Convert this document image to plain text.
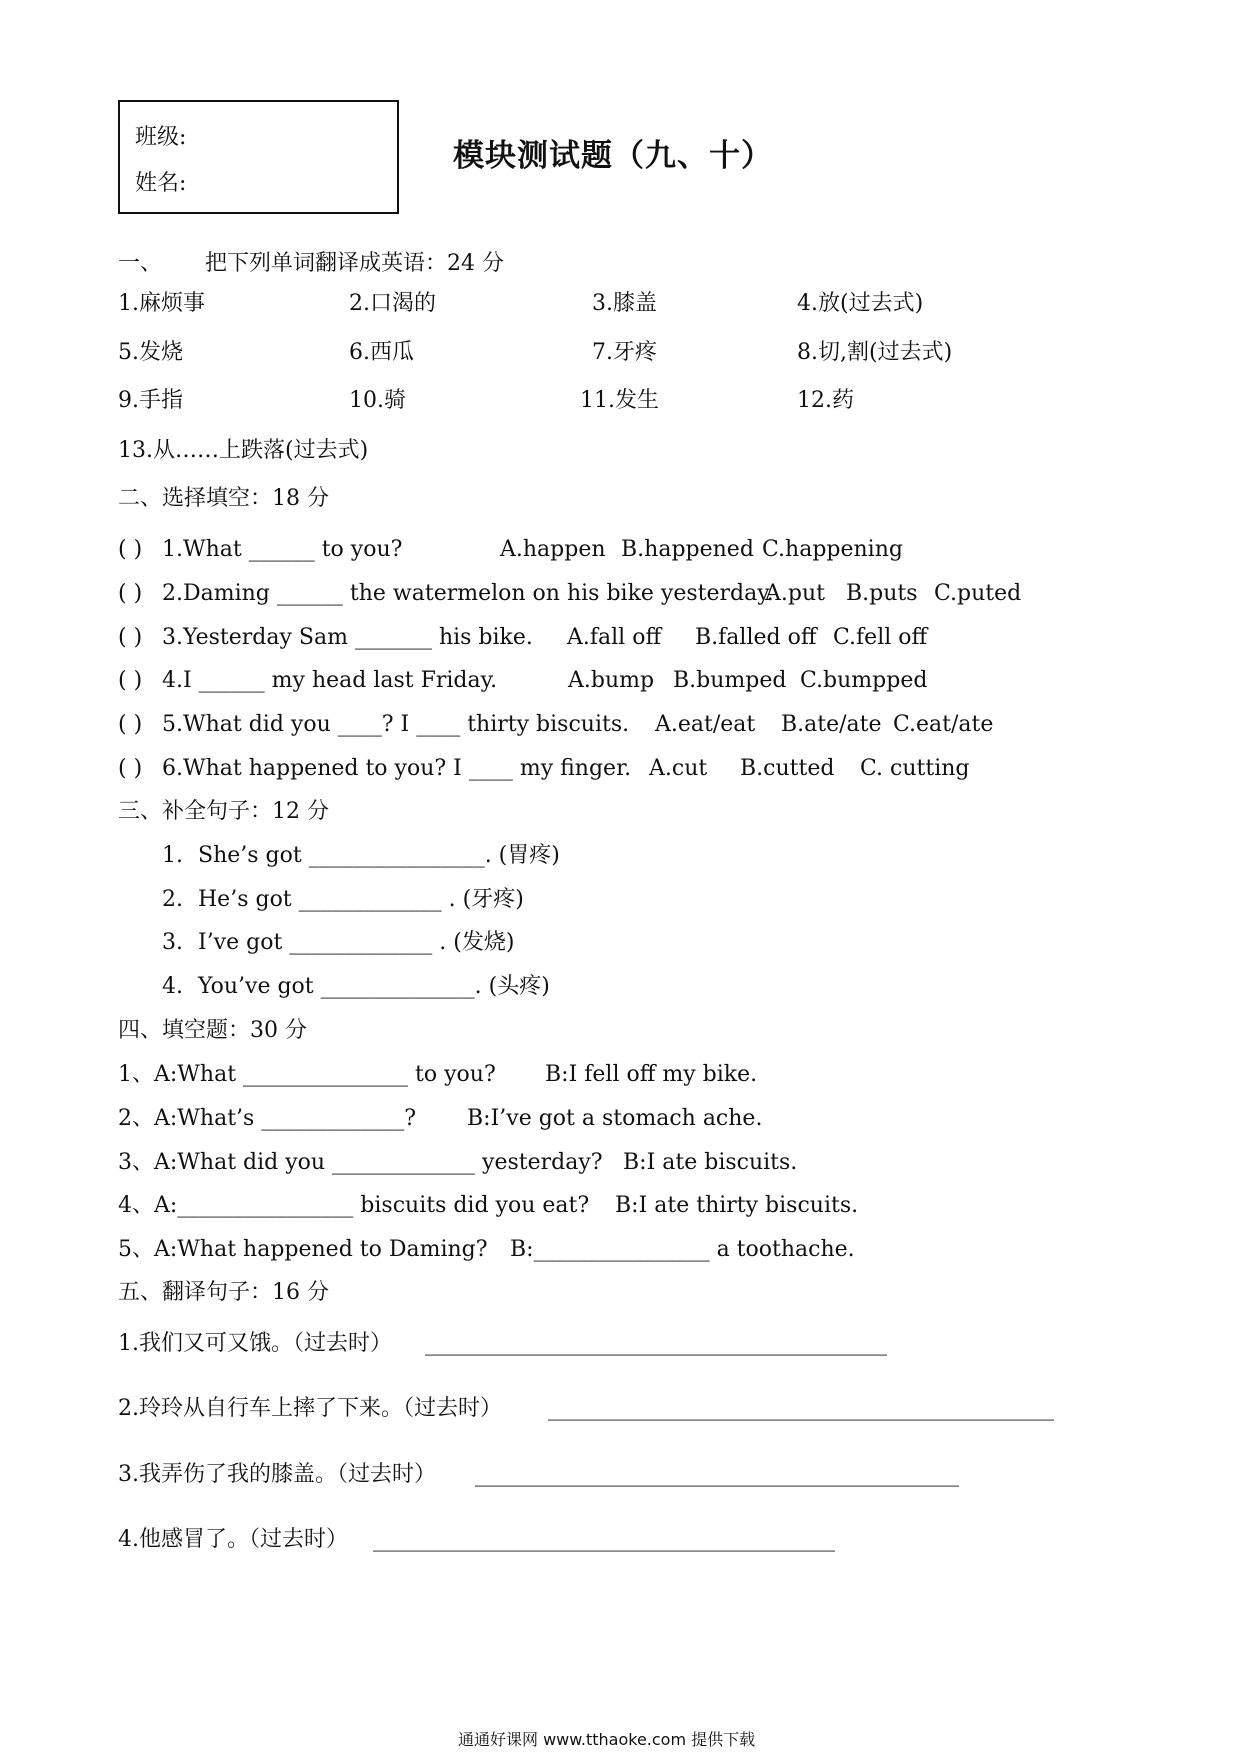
班级:
姓名:
模块测试题（九、十）
一、 把下列单词翻译成英语：24 分
1.麻烦事	2.口渴的	3.膝盖	4.放(过去式)
5.发烧	6.西瓜	7.牙疼	8.切,割(过去式)
9.手指	10.骑	11.发生	12.药
13.从……上跌落(过去式)
二、选择填空：18 分
( ) 1.What ______ to you?	A.happen B.happened C.happening
( ) 2.Daming ______ the watermelon on his bike yesterday.
A.put B.puts C.puted
( ) 3.Yesterday Sam _______ his bike. A.fall off B.falled off C.fell off
( ) 4.I ______ my head last Friday.	A.bump B.bumped C.bumpped
( ) 5.What did you ____? I ____ thirty biscuits. A.eat/eat B.ate/ate C.eat/ate
( ) 6.What happened to you? I ____ my finger. A.cut B.cutted C. cutting
三、补全句子：12 分
1. She’s got ________________. (胃疼)
2. He’s got _____________ . (牙疼)
3. I’ve got _____________ . (发烧)
4. You’ve got ______________. (头疼)
四、填空题：30 分
1、A:What _______________ to you? B:I fell off my bike.
2、A:What’s _____________? B:I’ve got a stomach ache.
3、A:What did you _____________ yesterday? B:I ate biscuits.
4、A:________________ biscuits did you eat? B:I ate thirty biscuits.
5、A:What happened to Daming? B:________________ a toothache.
五、翻译句子：16 分
1.我们又可又饿。（过去时） __________________________________________
2.玲玲从自行车上摔了下来。（过去时） ______________________________________________
3.我弄伤了我的膝盖。（过去时） ____________________________________________
4.他感冒了。（过去时） __________________________________________
通通好课网 www.tthaoke.com 提供下载
